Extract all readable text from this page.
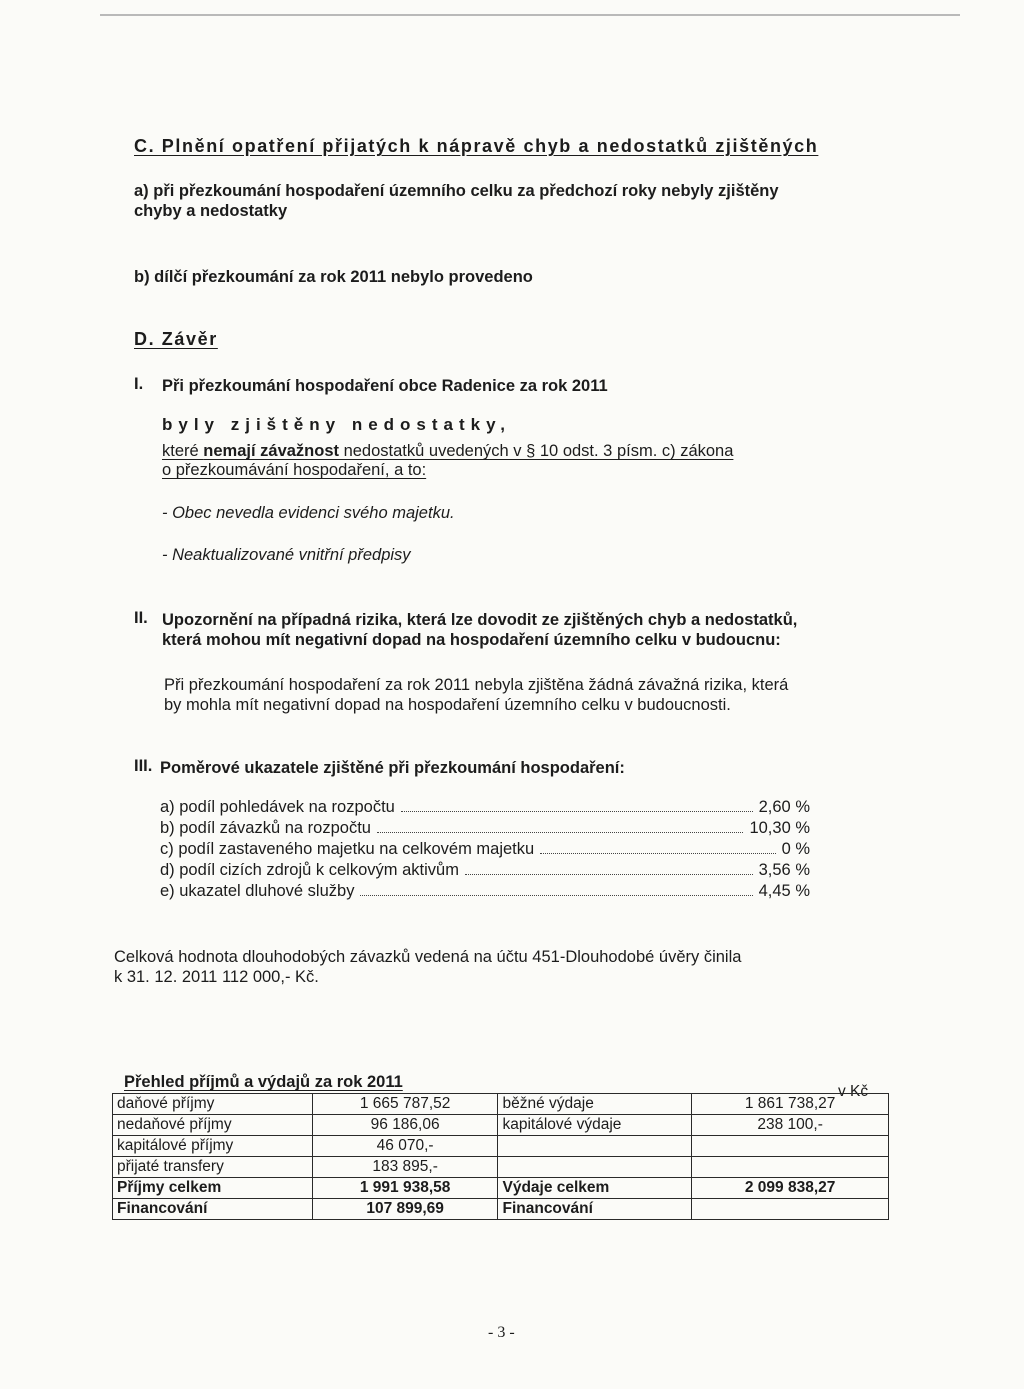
C. Plnění opatření přijatých k nápravě chyb a nedostatků zjištěných
a) při přezkoumání hospodaření územního celku za předchozí roky nebyly zjištěny
chyby a nedostatky
b) dílčí přezkoumání za rok 2011 nebylo provedeno
D. Závěr
I. Při přezkoumání hospodaření obce Radenice za rok 2011
byly zjištěny nedostatky,
které nemají závažnost nedostatků uvedených v § 10 odst. 3 písm. c) zákona
o přezkoumávání hospodaření, a to:
- Obec nevedla evidenci svého majetku.
- Neaktualizované vnitřní předpisy
II. Upozornění na případná rizika, která lze dovodit ze zjištěných chyb a nedostatků,
která mohou mít negativní dopad na hospodaření územního celku v budoucnu:
Při přezkoumání hospodaření za rok 2011 nebyla zjištěna žádná závažná rizika, která
by mohla mít negativní dopad na hospodaření územního celku v budoucnosti.
III. Poměrové ukazatele zjištěné při přezkoumání hospodaření:
a) podíl pohledávek na rozpočtu	2,60 %
b) podíl závazků na rozpočtu	10,30 %
c) podíl zastaveného majetku na celkovém majetku	0 %
d) podíl cizích zdrojů k celkovým aktivům	3,56 %
e) ukazatel dluhové služby	4,45 %
Celková hodnota dlouhodobých závazků vedená na účtu 451-Dlouhodobé úvěry činila
k 31. 12. 2011 112 000,- Kč.
Přehled příjmů a výdajů za rok 2011
v Kč
daňové příjmy	1 665 787,52	běžné výdaje	1 861 738,27
nedaňové příjmy	96 186,06	kapitálové výdaje	238 100,-
kapitálové příjmy	46 070,-		
přijaté transfery	183 895,-		
Příjmy celkem	1 991 938,58	Výdaje celkem	2 099 838,27
Financování	107 899,69	Financování	
- 3 -
